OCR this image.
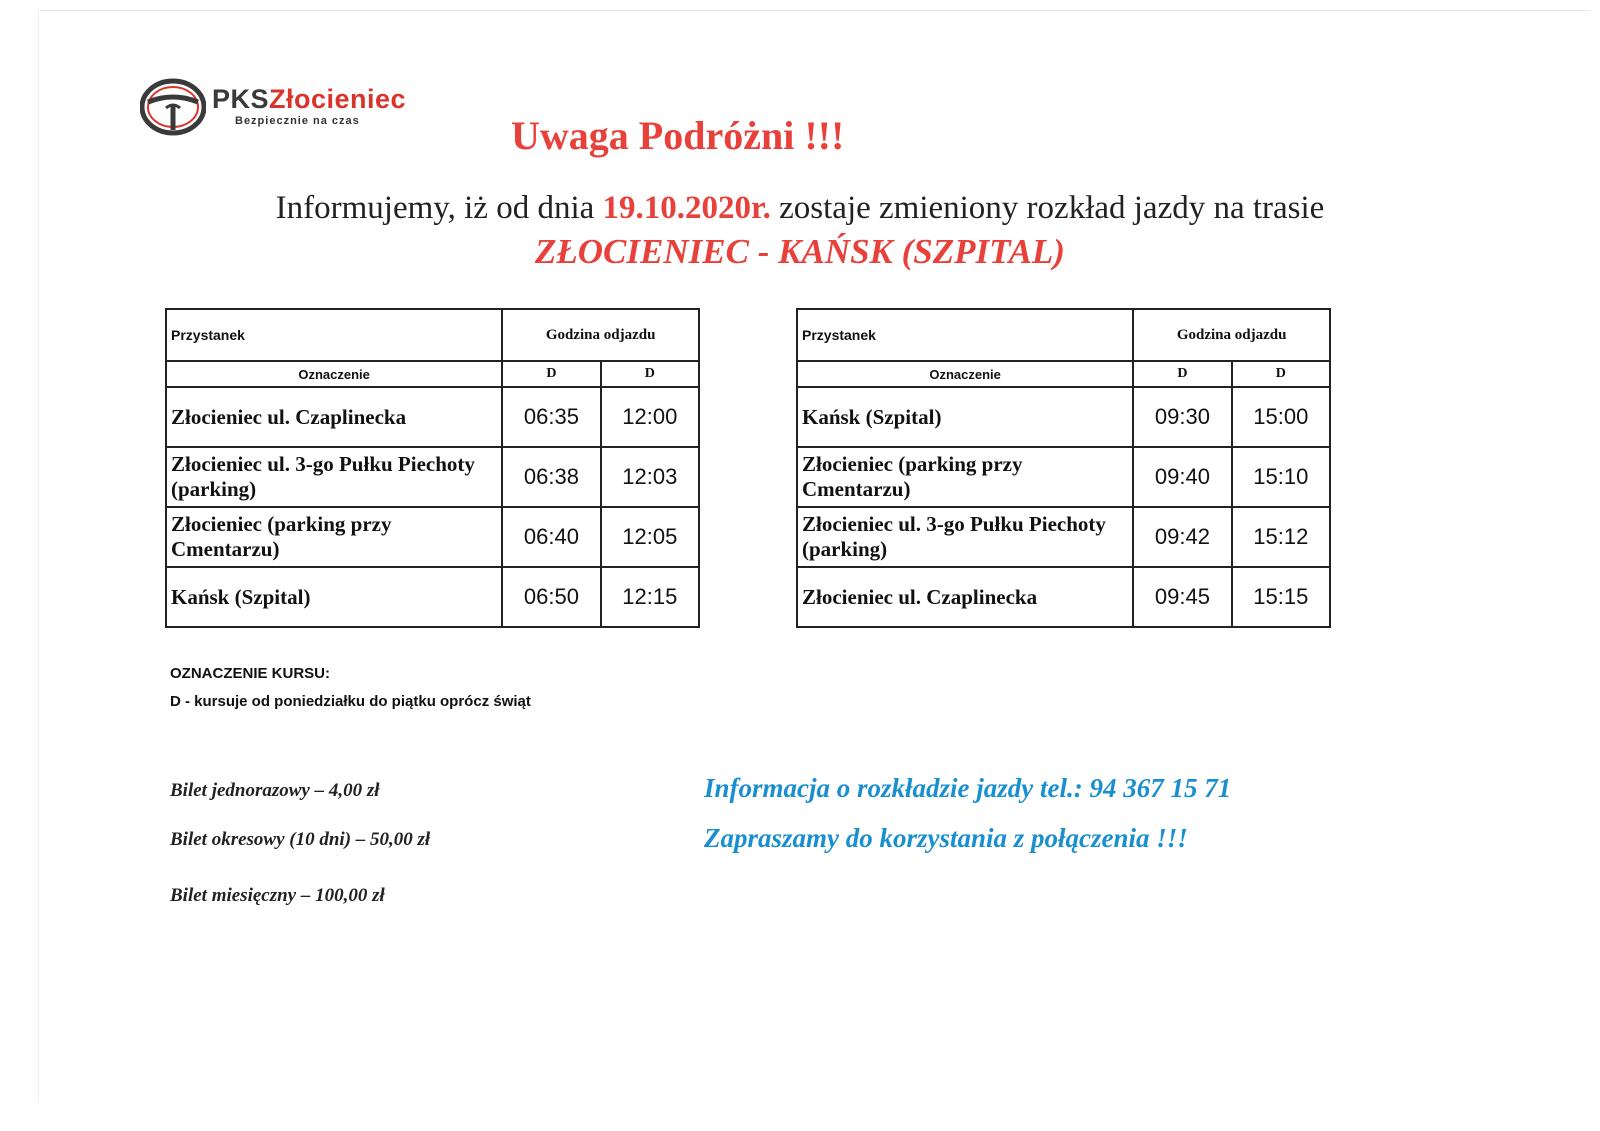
PKSZłocieniec
Bezpiecznie na czas	Uwaga Podróżni !!!
Informujemy, iż od dnia 19.10.2020r. zostaje zmieniony rozkład jazdy na trasie
ZŁOCIENIEC - KAŃSK (SZPITAL)
Przystanek	Godzina odjazdu	
Oznaczenie	D	D
Złocieniec ul. Czaplinecka	06:35	12:00
Złocieniec ul. 3-go Pułku Piechoty (parking)	06:38	12:03
Złocieniec (parking przy Cmentarzu)	06:40	12:05
Kańsk (Szpital)	06:50	12:15
Przystanek	Godzina odjazdu	
Oznaczenie	D	D
Kańsk (Szpital)	09:30	15:00
Złocieniec (parking przy Cmentarzu)	09:40	15:10
Złocieniec ul. 3-go Pułku Piechoty (parking)	09:42	15:12
Złocieniec ul. Czaplinecka	09:45	15:15
OZNACZENIE KURSU:
D - kursuje od poniedziałku do piątku oprócz świąt
Bilet jednorazowy – 4,00 zł
Bilet okresowy (10 dni) – 50,00 zł
Bilet miesięczny – 100,00 zł
Informacja o rozkładzie jazdy tel.: 94 367 15 71
Zapraszamy do korzystania z połączenia !!!
